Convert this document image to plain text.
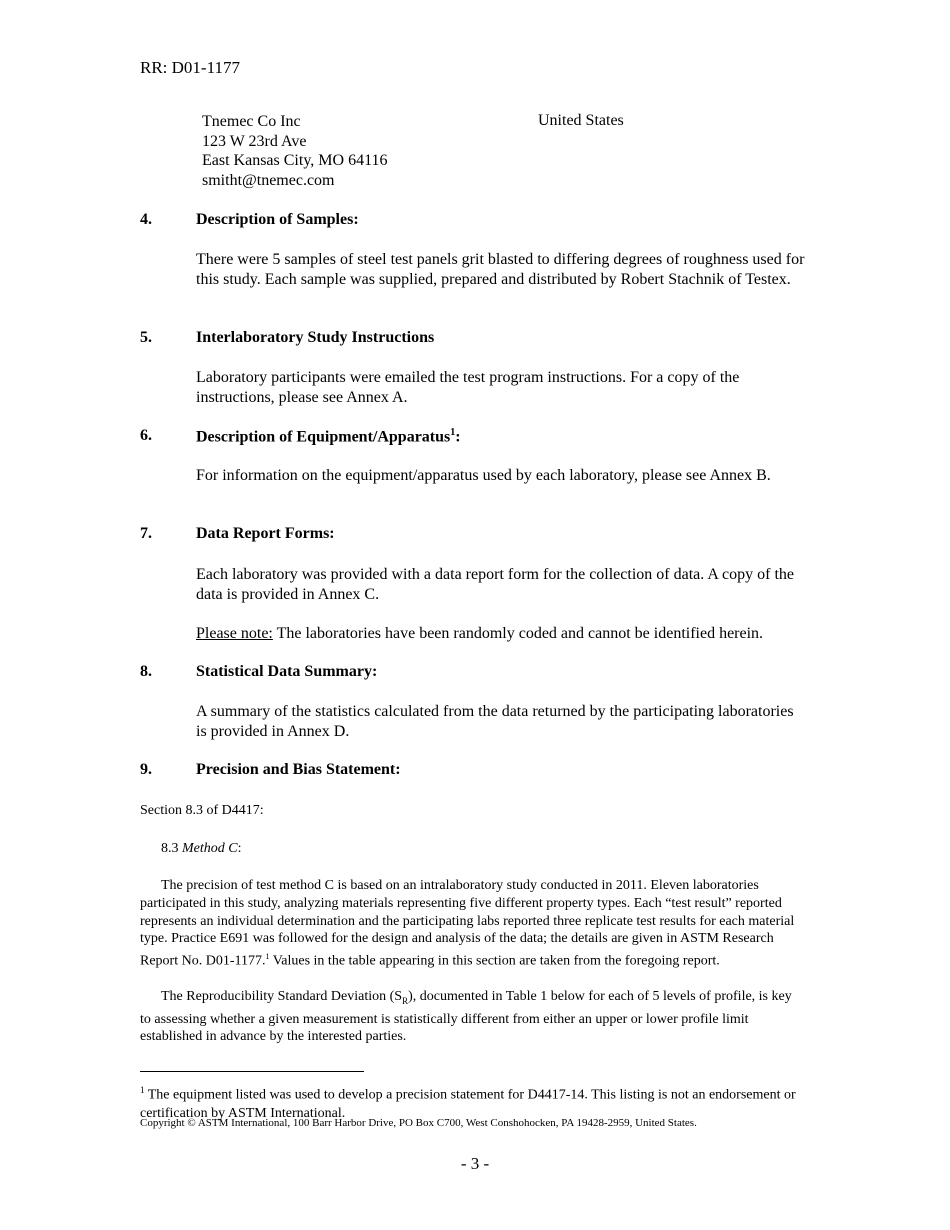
RR: D01-1177
Tnemec Co Inc
123 W 23rd Ave
East Kansas City, MO 64116
smitht@tnemec.com
United States
4.	Description of Samples:
There were 5 samples of steel test panels grit blasted to differing degrees of roughness used for this study. Each sample was supplied, prepared and distributed by Robert Stachnik of Testex.
5.	Interlaboratory Study Instructions
Laboratory participants were emailed the test program instructions. For a copy of the instructions, please see Annex A.
6.	Description of Equipment/Apparatus$^1$:
For information on the equipment/apparatus used by each laboratory, please see Annex B.
7.	Data Report Forms:
Each laboratory was provided with a data report form for the collection of data. A copy of the data is provided in Annex C.
Please note: The laboratories have been randomly coded and cannot be identified herein.
8.	Statistical Data Summary:
A summary of the statistics calculated from the data returned by the participating laboratories is provided in Annex D.
9.	Precision and Bias Statement:
Section 8.3 of D4417:
8.3 Method C:
The precision of test method C is based on an intralaboratory study conducted in 2011. Eleven laboratories participated in this study, analyzing materials representing five different property types. Each “test result” reported represents an individual determination and the participating labs reported three replicate test results for each material type. Practice E691 was followed for the design and analysis of the data; the details are given in ASTM Research Report No. D01-1177.$^1$ Values in the table appearing in this section are taken from the foregoing report.
The Reproducibility Standard Deviation $(S_R)$, documented in Table 1 below for each of 5 levels of profile, is key to assessing whether a given measurement is statistically different from either an upper or lower profile limit established in advance by the interested parties.
$^1$ The equipment listed was used to develop a precision statement for D4417-14. This listing is not an endorsement or certification by ASTM International.
Copyright © ASTM International, 100 Barr Harbor Drive, PO Box C700, West Conshohocken, PA 19428-2959, United States.
- 3 -
